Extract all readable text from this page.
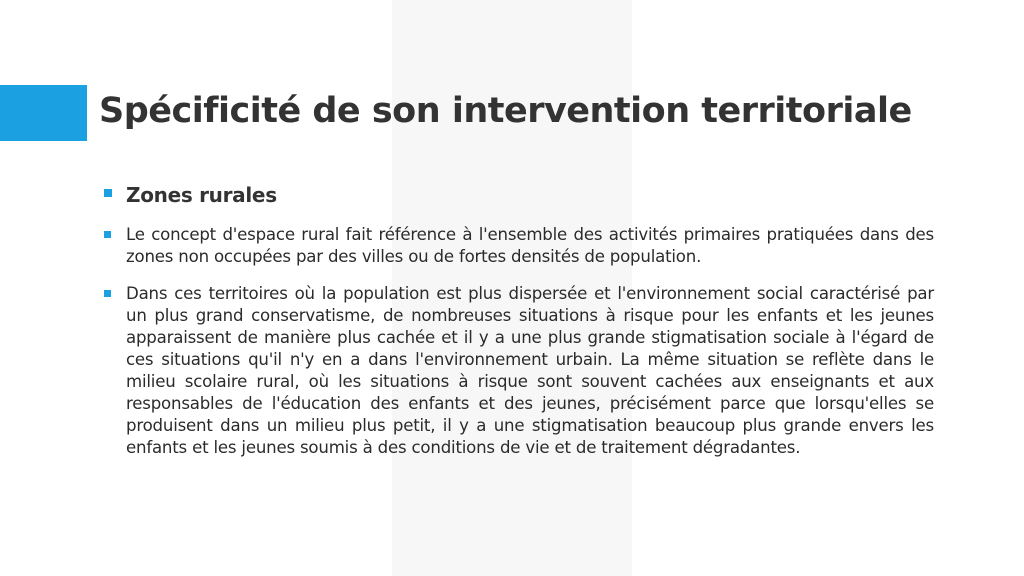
Spécificité de son intervention territoriale
Zones rurales
Le concept d'espace rural fait référence à l'ensemble des activités primaires pratiquées dans des zones non occupées par des villes ou de fortes densités de population.
Dans ces territoires où la population est plus dispersée et l'environnement social caractérisé par un plus grand conservatisme, de nombreuses situations à risque pour les enfants et les jeunes apparaissent de manière plus cachée et il y a une plus grande stigmatisation sociale à l'égard de ces situations qu'il n'y en a dans l'environnement urbain. La même situation se reflète dans le milieu scolaire rural, où les situations à risque sont souvent cachées aux enseignants et aux responsables de l'éducation des enfants et des jeunes, précisément parce que lorsqu'elles se produisent dans un milieu plus petit, il y a une stigmatisation beaucoup plus grande envers les enfants et les jeunes soumis à des conditions de vie et de traitement dégradantes.
